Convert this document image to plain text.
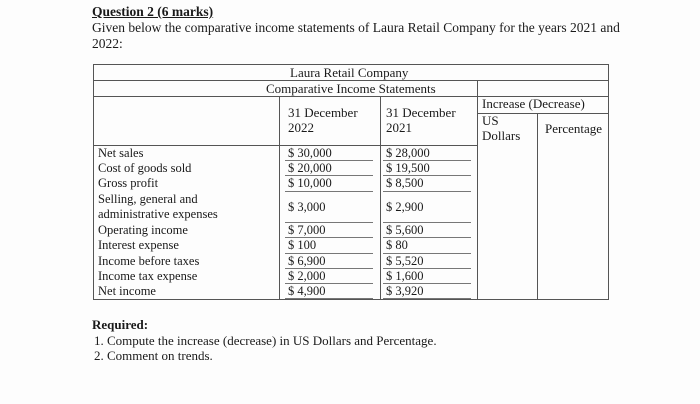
Question 2 (6 marks)
Given below the comparative income statements of Laura Retail Company for the years 2021 and
2022:
Laura Retail Company
Comparative Income Statements
31 December
2022
31 December
2021
Increase (Decrease)
US
Dollars Percentage
Net sales
Cost of goods sold
Gross profit
Selling, general and
administrative expenses
Operating income
Interest expense
Income before taxes
Income tax expense
Net income
$ 30,000
$ 20,000
$ 10,000
$ 3,000
$ 7,000
$ 100
$ 6,900
$ 2,000
$ 4,900
$ 28,000
$ 19,500
$ 8,500
$ 2,900
$ 5,600
$ 80
$ 5,520
$ 1,600
$ 3,920
Required:
1. Compute the increase (decrease) in US Dollars and Percentage.
2. Comment on trends.
